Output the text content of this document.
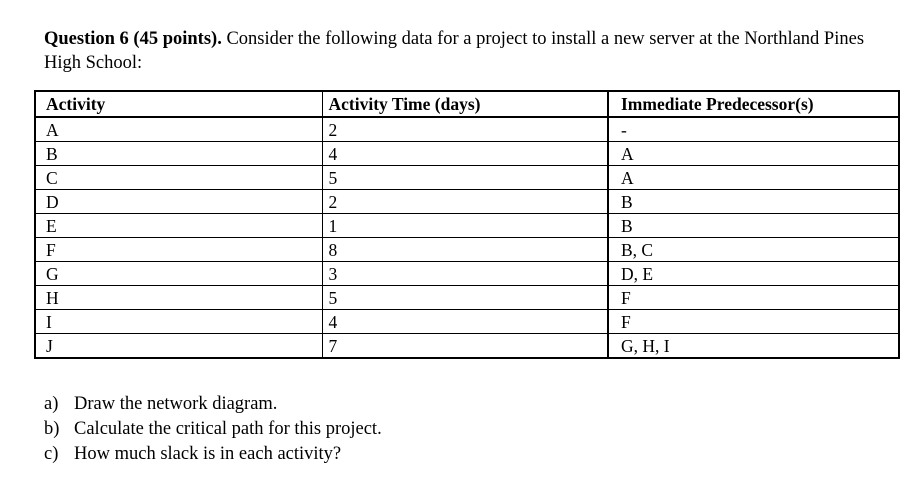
Question 6 (45 points). Consider the following data for a project to install a new server at the Northland Pines High School:
Activity	Activity Time (days)	Immediate Predecessor(s)
A	2	-
B	4	A
C	5	A
D	2	B
E	1	B
F	8	B, C
G	3	D, E
H	5	F
I	4	F
J	7	G, H, I
a) Draw the network diagram.
b) Calculate the critical path for this project.
c) How much slack is in each activity?
